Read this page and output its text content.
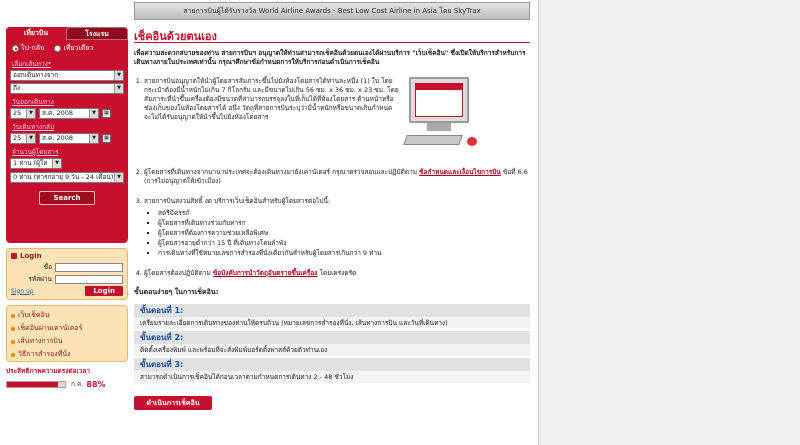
สายการบินผู้ได้รับรางวัล World Airline Awards - Best Low Cost Airline in Asia โดย SkyTrax
เที่ยวบิน	โรงแรม
ไป-กลับ	เที่ยวเดียว
เลือกเส้นทาง*
ออกเดินทางจาก	▼
ถึง	▼
วันออกเดินทาง
25	▼	ส.ค. 2008	▼	▦
วันเดินทางกลับ
25	▼	ส.ค. 2008	▼	▦
จำนวนผู้โดยสาร
1 ท่าน (ผู้ให	▼
0 ท่าน (ทารกอายุ 9 วัน - 24 เดือน) ▼
Search
Login
ชื่อ
รหัสผ่าน
Sign up	Login
เว็บเช็คอิน
เช็คอินผ่านเคาน์เตอร์
เส้นทางการบิน
วิธีการสำรองที่นั่ง
ประสิทธิภาพความตรงต่อเวลา
ก.ค. 88%
เช็คอินด้วยตนเอง
เพื่อความสะดวกสบายของท่าน สายการบินฯ อนุญาตให้ท่านสามารถเช็คอินด้วยตนเองได้ผ่านบริการ "เว็บเช็คอิน" ซึ่งเปิดให้บริการสำหรับการเดินทางภายในประเทศเท่านั้น กรุณาศึกษาข้อกำหนดการให้บริการก่อนดำเนินการเช็คอิน
1. สายการบินอนุญาตให้นำผู้โดยสารสัมภาระขึ้นไปยังห้องโดยสารได้ท่านละหนึ่ง (1) ใบ โดยกระเป๋าต้องมีน้ำหนักไม่เกิน 7 กิโลกรัม และมีขนาดไม่เกิน 56 ซม. x 36 ซม. x 23 ซม. โดยสัมภาระที่นำขึ้นเครื่องต้องมีขนาดที่สามารถบรรจุลงในที่เก็บได้ที่ห้องโดยสาร ด้านหน้าหรือช่องเก็บของในห้องโดยสารได้ อนึ่ง วัตถุที่สายการบินระบุว่ามีน้ำหนักหรือขนาดเกินกำหนดจะไม่ได้รับอนุญาตให้นำขึ้นไปยังห้องโดยสาร
2. ผู้โดยสารที่เดินทางจากนานาประเทศจะต้องเดินทางมายังเคาน์เตอร์ กรุณาตรวจสอบและปฏิบัติตาม ข้อกำหนดและเงื่อนไขการบิน ข้อที่ 6.6 (การไม่อนุญาตให้เข้าเมือง)
3. สายการบินสงวนสิทธิ์ งด บริการเว็บเช็คอินสำหรับผู้โดยสารต่อไปนี้:
▪ สตรีมีครรภ์
▪ ผู้โดยสารที่เดินทางร่วมกับทารก
▪ ผู้โดยสารที่ต้องการความช่วยเหลือพิเศษ
▪ ผู้โดยสารอายุต่ำกว่า 15 ปี ที่เดินทางโดยลำพัง
▪ การเดินทางที่ใช้หมายเลขการสำรองที่นั่งเดียวกันสำหรับผู้โดยสารเกินกว่า 9 ท่าน
4. ผู้โดยสารต้องปฏิบัติตาม ข้อบังคับการนำวัตถุอันตรายขึ้นเครื่อง โดยเคร่งครัด
ขั้นตอนง่ายๆ ในการเช็คอิน:
ขั้นตอนที่ 1:
เตรียมรายละเอียดการเดินทางของท่านให้ครบถ้วน (หมายเลขการสำรองที่นั่ง, เส้นทางการบิน และวันที่เดินทาง)
ขั้นตอนที่ 2:
ติดตั้งเครื่องพิมพ์ และพร้อมที่จะสั่งพิมพ์บอร์ดดิ้งพาสส์ด้วยตัวท่านเอง
ขั้นตอนที่ 3:
สามารถดำเนินการเช็คอินได้ก่อนเวลาตามกำหนดการเดินทาง 2 - 48 ชั่วโมง
ดำเนินการเช็คอิน
